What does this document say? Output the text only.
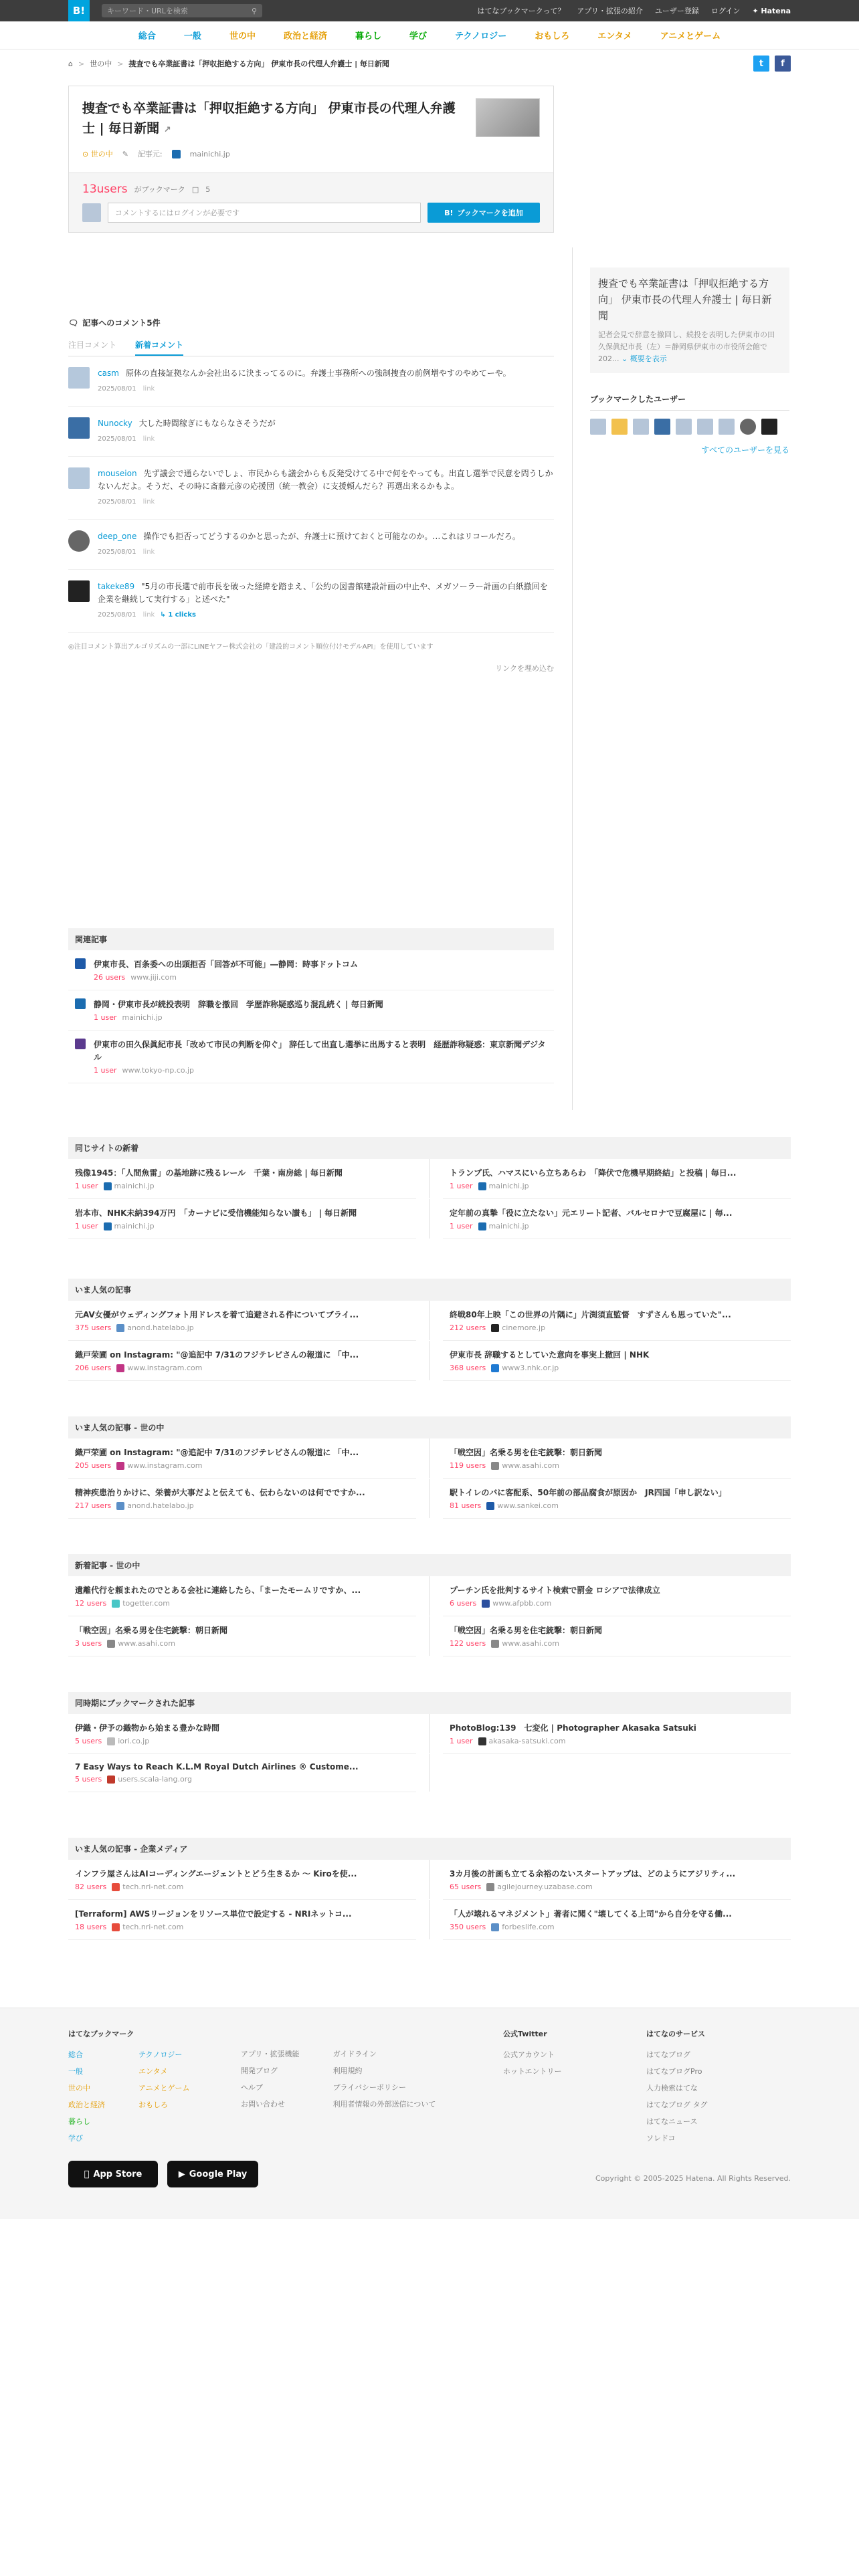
B!	キーワード・URLを検索	⚲	はてなブックマークって？ アプリ・拡張の紹介 ユーザー登録 ログイン ✦ Hatena
総合	一般	世の中	政治と経済	暮らし	学び	テクノロジー	おもしろ	エンタメ	アニメとゲーム
⌂ > 世の中 > 捜査でも卒業証書は「押収拒絶する方向」 伊東市長の代理人弁護士 | 毎日新聞	t	f
捜査でも卒業証書は「押収拒絶する方向」 伊東市長の代理人弁護士 | 毎日新聞 ↗
⊙ 世の中 ✎ 記事元:	mainichi.jp
13users がブックマーク □ 5
コメントするにはログインが必要です	B! ブックマークを追加
🗨 記事へのコメント5件
注目コメント 新着コメント
casm 原体の直接証拠なんか会社出るに決まってるのに。弁護士事務所への強制捜査の前例増やすのやめてーや。
2025/08/01 link
Nunocky 大した時間稼ぎにもならなさそうだが
2025/08/01 link
mouseion 先ず議会で通らないでしょ、市民からも議会からも反発受けてる中で何をやっても。出直し選挙で民意を問うしかないんだよ。そうだ、その時に斎藤元彦の応援団（統一教会）に支援頼んだら？再選出来るかもよ。
2025/08/01 link
deep_one 操作でも拒否ってどうするのかと思ったが、弁護士に預けておくと可能なのか。…これはリコールだろ。
2025/08/01 link
takeke89 "5月の市長選で前市長を破った経緯を踏まえ、「公約の図書館建設計画の中止や、メガソーラー計画の白紙撤回を企業を継続して実行する」と述べた"
2025/08/01 link ↳ 1 clicks
◎注目コメント算出アルゴリズムの一部にLINEヤフー株式会社の「建設的コメント順位付けモデルAPI」を使用しています
リンクを埋め込む
関連記事
伊東市長、百条委への出頭拒否「回答が不可能」―静岡：時事ドットコム
26 users www.jiji.com
静岡・伊東市長が続投表明　辞職を撤回　学歴詐称疑惑巡り混乱続く | 毎日新聞
1 user mainichi.jp
伊東市の田久保眞紀市長「改めて市民の判断を仰ぐ」 辞任して出直し選挙に出馬すると表明　経歴詐称疑惑：東京新聞デジタル
1 user www.tokyo-np.co.jp
捜査でも卒業証書は「押収拒絶する方向」 伊東市長の代理人弁護士 | 毎日新聞
記者会見で辞意を撤回し、続投を表明した伊東市の田久保眞紀市長（左）＝静岡県伊東市の市役所会館で202... ⌄ 概要を表示
ブックマークしたユーザー
すべてのユーザーを見る
同じサイトの新着
残像1945：「人間魚雷」の基地跡に残るレール　千葉・南房総 | 毎日新聞
1 user mainichi.jp
トランプ氏、ハマスにいら立ちあらわ　「降伏で危機早期終結」と投稿 | 毎日...
1 user mainichi.jp
岩本市、NHK未納394万円　「カーナビに受信機能知らない讃も」 | 毎日新聞
1 user mainichi.jp
定年前の真摯「役に立たない」元エリート記者、バルセロナで豆腐屋に | 毎...
1 user mainichi.jp
いま人気の記事
元AV女優がウェディングフォト用ドレスを着て追避される件についてブライ...
375 users anond.hatelabo.jp
終戦80年上映「この世界の片隅に」片渕須直監督　すずさんも思っていた"...
212 users cinemore.jp
織戸荣圃 on Instagram: "@追記中 7/31のフジテレビさんの報道に 「中...
206 users www.instagram.com
伊東市長 辞職するとしていた意向を事実上撤回 | NHK
368 users www3.nhk.or.jp
いま人気の記事 - 世の中
織戸荣圃 on Instagram: "@追記中 7/31のフジテレビさんの報道に 「中...
205 users www.instagram.com
「戦空因」名乗る男を住宅銃撃：朝日新聞
119 users www.asahi.com
精神疾患治りかけに、栄養が大事だよと伝えても、伝わらないのは何でですか...
217 users anond.hatelabo.jp
駅トイレのバに客配系、50年前の部品腐食が原因か　JR四国「申し訳ない」
81 users www.sankei.com
新着記事 - 世の中
遺離代行を頼まれたのでとある会社に連絡したら、「まーたモームリですか、...
12 users togetter.com
プーチン氏を批判するサイト検索で罰金 ロシアで法律成立
6 users www.afpbb.com
「戦空因」名乗る男を住宅銃撃：朝日新聞
3 users www.asahi.com
「戦空因」名乗る男を住宅銃撃：朝日新聞
122 users www.asahi.com
同時期にブックマークされた記事
伊織・伊予の織物から始まる豊かな時間
5 users iori.co.jp
PhotoBlog:139　七変化 | Photographer Akasaka Satsuki
1 user akasaka-satsuki.com
7 Easy Ways to Reach K.L.M Royal Dutch Airlines ® Custome...
5 users users.scala-lang.org
いま人気の記事 - 企業メディア
インフラ屋さんはAIコーディングエージェントとどう生きるか ～ Kiroを使...
82 users tech.nri-net.com
3カ月後の計画も立てる余裕のないスタートアップは、どのようにアジリティ...
65 users agilejourney.uzabase.com
[Terraform] AWSリージョンをリソース単位で設定する - NRIネットコ...
18 users tech.nri-net.com
「人が壊れるマネジメント」著者に聞く"壊してくる上司"から自分を守る働...
350 users forbeslife.com
はてなブックマーク
総合
一般
世の中
政治と経済
暮らし
学び
テクノロジー
エンタメ
アニメとゲーム
おもしろ
アプリ・拡張機能
開発ブログ
ヘルプ
お問い合わせ
ガイドライン
利用規約
プライバシーポリシー
利用者情報の外部送信について
公式Twitter
公式アカウント
ホットエントリー
はてなのサービス
はてなブログ
はてなブログPro
人力検索はてな
はてなブログ タグ
はてなニュース
ソレドコ
App Store	▶ Google Play	Copyright © 2005-2025 Hatena. All Rights Reserved.
